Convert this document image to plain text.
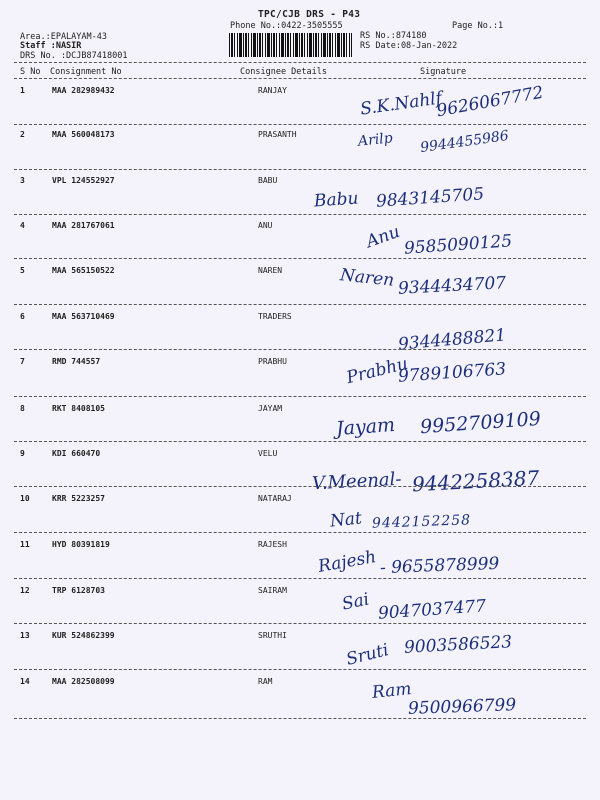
TPC/CJB DRS - P43
Phone No.:0422-3505555	Page No.:1
Area.:EPALAYAM-43
Staff :NASIR
DRS No. :DCJB87418001
RS No.:874180
RS Date:08-Jan-2022
S No Consignment No	Consignee Details	Signature
1	MAA 282989432	RANJAY	S.K.Nahlf
9626067772
2	MAA 560048173	PRASANTH	Arilp 9944455986
3	VPL 124552927	BABU
Babu 9843145705
4	MAA 281767061	ANU	Anu 9585090125
5	MAA 565150522	NAREN	Naren 9344434707
6	MAA 563710469	TRADERS
9344488821
7	RMD 744557	PRABHU	Prabhu
9789106763
8	RKT 8408105	JAYAM
Jayam 9952709109
9	KDI 660470	VELU
V.Meenal- 9442258387
10	KRR 5223257	NATARAJ
Nat 9442152258
11	HYD 80391819	RAJESH
Rajesh - 9655878999
12	TRP 6128703	SAIRAM	Sai 9047037477
13	KUR 524862399	SRUTHI
Sruti 9003586523
14	MAA 282508099	RAM	Ram
9500966799
